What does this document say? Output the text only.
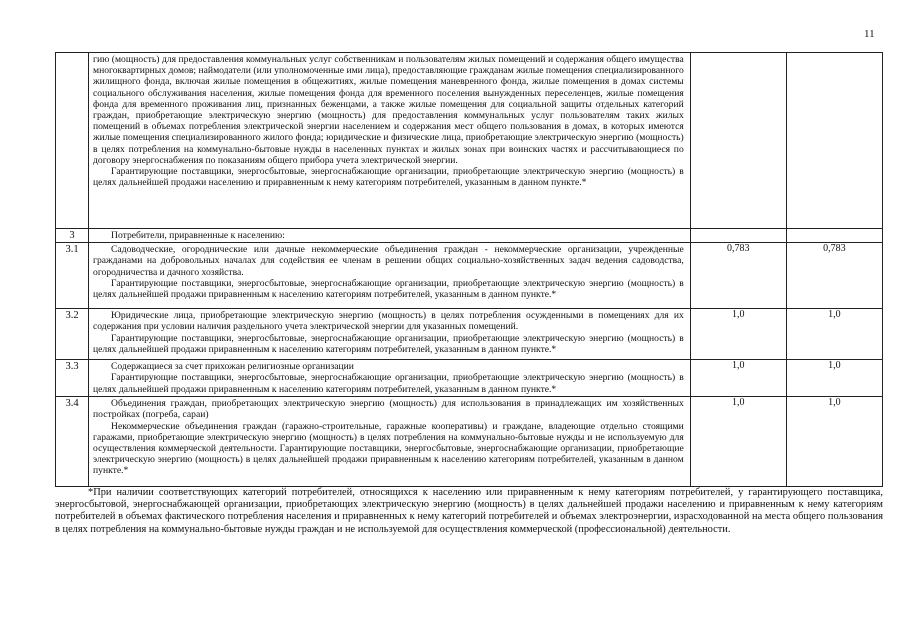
11

	гию (мощность) для предоставления коммунальных услуг собственникам и пользователям жилых помещений и содержания общего имущества многоквартирных домов; наймодатели (или уполномоченные ими лица), предоставляющие гражданам жилые помещения специализированного жилищного фонда, включая жилые помещения в общежитиях, жилые помещения маневренного фонда, жилые помещения в домах системы социального обслуживания населения, жилые помещения фонда для временного поселения вынужденных переселенцев, жилые помещения фонда для временного проживания лиц, признанных беженцами, а также жилые помещения для социальной защиты отдельных категорий граждан, приобретающие электрическую энергию (мощность) для предоставления коммунальных услуг пользователям таких жилых помещений в объемах потребления электрической энергии населением и содержания мест общего пользования в домах, в которых имеются жилые помещения специализированного жилого фонда; юридические и физические лица, приобретающие электрическую энергию (мощность) в целях потребления на коммунально-бытовые нужды в населенных пунктах и жилых зонах при воинских частях и рассчитывающиеся по договору энергоснабжения по показаниям общего прибора учета электрической энергии.

Гарантирующие поставщики, энергосбытовые, энергоснабжающие организации, приобретающие электрическую энергию (мощность) в целях дальнейшей продажи населению и приравненным к нему категориям потребителей, указанным в данном пункте.*		

3	Потребители, приравненные к населению:		

3.1	Садоводческие, огороднические или дачные некоммерческие объединения граждан - некоммерческие организации, учрежденные гражданами на добровольных началах для содействия ее членам в решении общих социально-хозяйственных задач ведения садоводства, огородничества и дачного хозяйства.

Гарантирующие поставщики, энергосбытовые, энергоснабжающие организации, приобретающие электрическую энергию (мощность) в целях дальнейшей продажи приравненным к населению категориям потребителей, указанным в данном пункте.*	0,783	0,783

3.2	Юридические лица, приобретающие электрическую энергию (мощность) в целях потребления осужденными в помещениях для их содержания при условии наличия раздельного учета электрической энергии для указанных помещений.

Гарантирующие поставщики, энергосбытовые, энергоснабжающие организации, приобретающие электрическую энергию (мощность) в целях дальнейшей продажи приравненным к населению категориям потребителей, указанным в данном пункте.*	1,0	1,0

3.3	Содержащиеся за счет прихожан религиозные организации

Гарантирующие поставщики, энергосбытовые, энергоснабжающие организации, приобретающие электрическую энергию (мощность) в целях дальнейшей продажи приравненным к населению категориям потребителей, указанным в данном пункте.*	1,0	1,0

3.4	Объединения граждан, приобретающих электрическую энергию (мощность) для использования в принадлежащих им хозяйственных постройках (погреба, сараи)

Некоммерческие объединения граждан (гаражно-строительные, гаражные кооперативы) и граждане, владеющие отдельно стоящими гаражами, приобретающие электрическую энергию (мощность) в целях потребления на коммунально-бытовые нужды и не используемую для осуществления коммерческой деятельности. Гарантирующие поставщики, энергосбытовые, энергоснабжающие организации, приобретающие электрическую энергию (мощность) в целях дальнейшей продажи приравненным к населению категориям потребителей, указанным в данном пункте.*	1,0	1,0

*При наличии соответствующих категорий потребителей, относящихся к населению или приравненным к нему категориям потребителей, у гарантирующего поставщика, энергосбытовой, энергоснабжающей организации, приобретающих электрическую энергию (мощность) в целях дальнейшей продажи населению и приравненным к нему категориям потребителей в объемах фактического потребления населения и приравненных к нему категорий потребителей и объемах электроэнергии, израсходованной на места общего пользования в целях потребления на коммунально-бытовые нужды граждан и не используемой для осуществления коммерческой (профессиональной) деятельности.
